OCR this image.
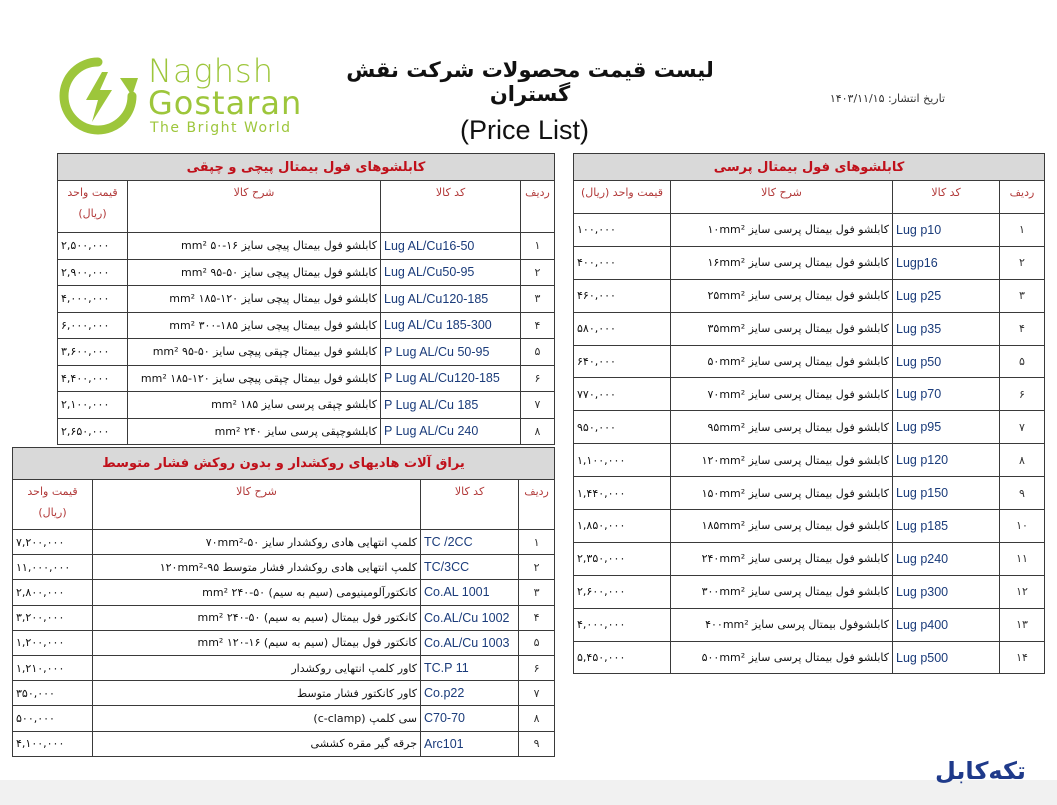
Naghsh
Gostaran
The Bright World
لیست قیمت محصولات شرکت نقش گستران	تاریخ انتشار: ۱۴۰۳/۱۱/۱۵
(Price List)
کابلشوهای فول بیمتال پیچی و چپقی			

قیمت واحد
(ریال)	شرح کالا	کد کالا	ردیف
۲,۵۰۰,۰۰۰	کابلشو فول بیمتال پیچی سایز ۱۶-۵۰ mm²	Lug AL/Cu16-50	۱
۲,۹۰۰,۰۰۰	کابلشو فول بیمتال پیچی سایز ۵۰-۹۵ mm²	Lug AL/Cu50-95	۲
۴,۰۰۰,۰۰۰	کابلشو فول بیمتال پیچی سایز ۱۲۰-۱۸۵ mm²	Lug AL/Cu120-185	۳
۶,۰۰۰,۰۰۰	کابلشو فول بیمتال پیچی سایز ۱۸۵-۳۰۰ mm²	Lug AL/Cu 185-300	۴
۳,۶۰۰,۰۰۰	کابلشو فول بیمتال چپقی پیچی سایز ۵۰-۹۵ mm²	P Lug AL/Cu 50-95	۵
۴,۴۰۰,۰۰۰	کابلشو فول بیمتال چپقی پیچی سایز ۱۲۰-۱۸۵ mm²	P Lug AL/Cu120-185	۶
۲,۱۰۰,۰۰۰	کابلشو چپقی پرسی سایز ۱۸۵ mm²	P Lug AL/Cu 185	۷
۲,۶۵۰,۰۰۰	کابلشوچپقی پرسی سایز ۲۴۰ mm²	P Lug AL/Cu 240	۸
کابلشوهای فول بیمتال پرسی			
قیمت واحد (ریال)	شرح کالا	کد کالا	ردیف
۱۰۰,۰۰۰	کابلشو فول بیمتال پرسی سایز ۱۰mm²	Lug p10	۱
۴۰۰,۰۰۰	کابلشو فول بیمتال پرسی سایز ۱۶mm²	Lugp16	۲
۴۶۰,۰۰۰	کابلشو فول بیمتال پرسی سایز ۲۵mm²	Lug p25	۳
۵۸۰,۰۰۰	کابلشو فول بیمتال پرسی سایز ۳۵mm²	Lug p35	۴
۶۴۰,۰۰۰	کابلشو فول بیمتال پرسی سایز ۵۰mm²	Lug p50	۵
۷۷۰,۰۰۰	کابلشو فول بیمتال پرسی سایز ۷۰mm²	Lug p70	۶
۹۵۰,۰۰۰	کابلشو فول بیمتال پرسی سایز ۹۵mm²	Lug p95	۷
۱,۱۰۰,۰۰۰	کابلشو فول بیمتال پرسی سایز ۱۲۰mm²	Lug p120	۸
۱,۴۴۰,۰۰۰	کابلشو فول بیمتال پرسی سایز ۱۵۰mm²	Lug p150	۹
۱,۸۵۰,۰۰۰	کابلشو فول بیمتال پرسی سایز ۱۸۵mm²	Lug p185	۱۰
۲,۳۵۰,۰۰۰	کابلشو فول بیمتال پرسی سایز ۲۴۰mm²	Lug p240	۱۱
۲,۶۰۰,۰۰۰	کابلشو فول بیمتال پرسی سایز ۳۰۰mm²	Lug p300	۱۲
۴,۰۰۰,۰۰۰	کابلشوفول بیمتال پرسی سایز ۴۰۰mm²	Lug p400	۱۳
۵,۴۵۰,۰۰۰	کابلشو فول بیمتال پرسی سایز ۵۰۰mm²	Lug p500	۱۴
یراق آلات هادیهای روکشدار و بدون روکش فشار متوسط			

قیمت واحد
(ریال)	شرح کالا	کد کالا	ردیف
۷,۲۰۰,۰۰۰	کلمپ انتهایی هادی روکشدار سایز ۵۰-۷۰mm²	TC /2CC	۱
۱۱,۰۰۰,۰۰۰	کلمپ انتهایی هادی روکشدار فشار متوسط ۹۵-۱۲۰mm²	TC/3CC	۲
۲,۸۰۰,۰۰۰	کانکتورآلومینیومی (سیم به سیم) ۵۰-۲۴۰ mm²	Co.AL 1001	۳
۳,۲۰۰,۰۰۰	کانکتور فول بیمتال (سیم به سیم) ۵۰-۲۴۰ mm²	Co.AL/Cu 1002	۴
۱,۲۰۰,۰۰۰	کانکتور فول بیمتال (سیم به سیم) ۱۶-۱۲۰ mm²	Co.AL/Cu 1003	۵
۱,۲۱۰,۰۰۰	کاور کلمپ انتهایی روکشدار	TC.P 11	۶
۳۵۰,۰۰۰	کاور کانکتور فشار متوسط	Co.p22	۷
۵۰۰,۰۰۰	سی کلمپ (c-clamp)	C70-70	۸
۴,۱۰۰,۰۰۰	جرقه گیر مقره کششی	Arc101	۹
تکه‌کابل
